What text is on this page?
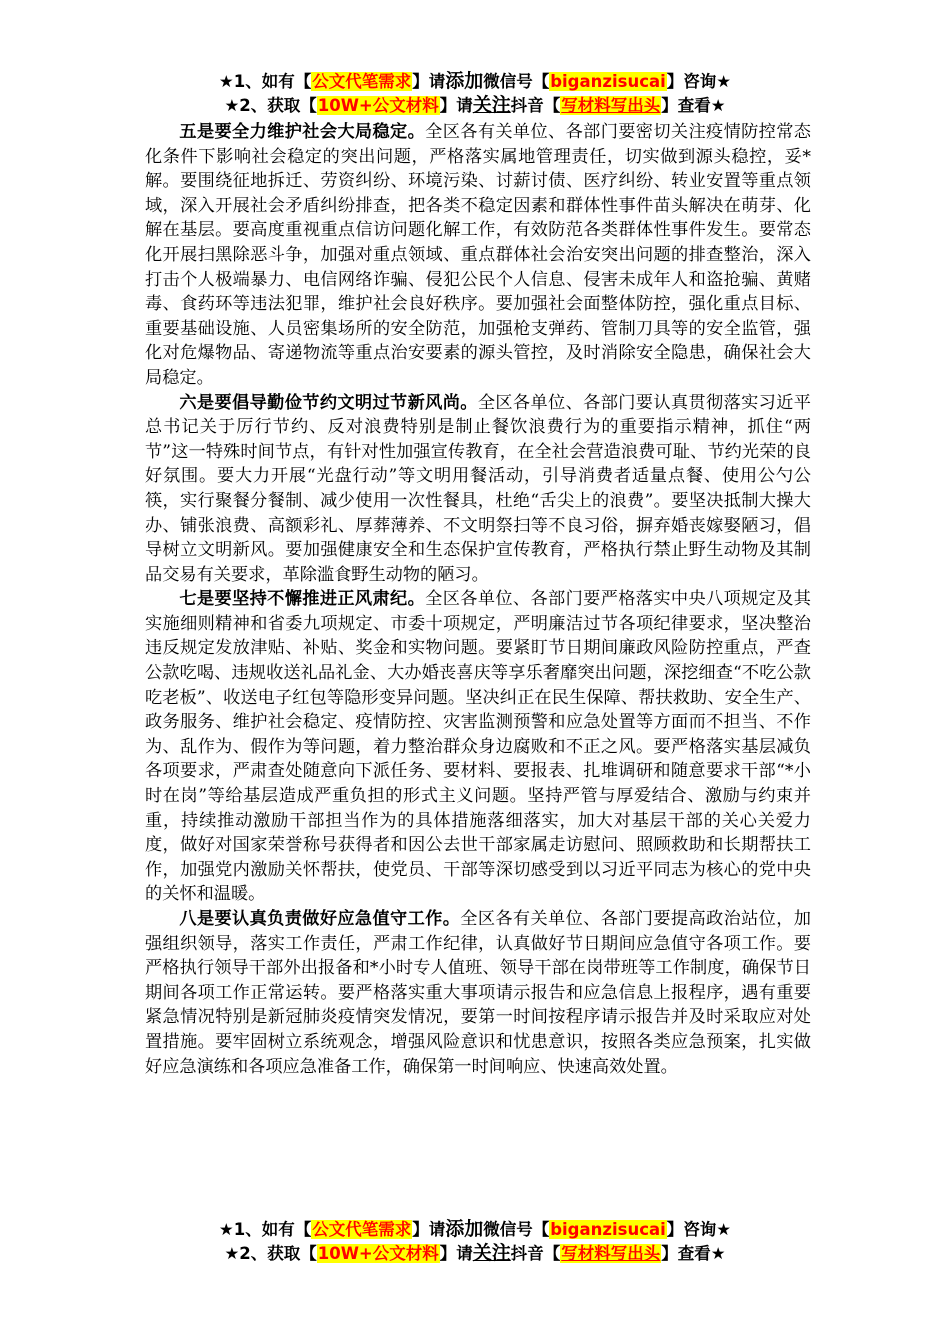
★1、如有【公文代笔需求】请添加微信号【biganzisucai】咨询★
★2、获取【10W+公文材料】请关注抖音【写材料写出头】查看★

五是要全力维护社会大局稳定。全区各有关单位、各部门要密切关注疫情防控常态化条件下影响社会稳定的突出问题，严格落实属地管理责任，切实做到源头稳控，妥*解。要围绕征地拆迁、劳资纠纷、环境污染、讨薪讨债、医疗纠纷、转业安置等重点领域，深入开展社会矛盾纠纷排查，把各类不稳定因素和群体性事件苗头解决在萌芽、化解在基层。要高度重视重点信访问题化解工作，有效防范各类群体性事件发生。要常态化开展扫黑除恶斗争，加强对重点领域、重点群体社会治安突出问题的排查整治，深入打击个人极端暴力、电信网络诈骗、侵犯公民个人信息、侵害未成年人和盗抢骗、黄赌毒、食药环等违法犯罪，维护社会良好秩序。要加强社会面整体防控，强化重点目标、重要基础设施、人员密集场所的安全防范，加强枪支弹药、管制刀具等的安全监管，强化对危爆物品、寄递物流等重点治安要素的源头管控，及时消除安全隐患，确保社会大局稳定。

六是要倡导勤俭节约文明过节新风尚。全区各单位、各部门要认真贯彻落实习近平总书记关于厉行节约、反对浪费特别是制止餐饮浪费行为的重要指示精神，抓住“两节”这一特殊时间节点，有针对性加强宣传教育，在全社会营造浪费可耻、节约光荣的良好氛围。要大力开展“光盘行动”等文明用餐活动，引导消费者适量点餐、使用公勺公筷，实行聚餐分餐制、减少使用一次性餐具，杜绝“舌尖上的浪费”。要坚决抵制大操大办、铺张浪费、高额彩礼、厚葬薄养、不文明祭扫等不良习俗，摒弃婚丧嫁娶陋习，倡导树立文明新风。要加强健康安全和生态保护宣传教育，严格执行禁止野生动物及其制品交易有关要求，革除滥食野生动物的陋习。

七是要坚持不懈推进正风肃纪。全区各单位、各部门要严格落实中央八项规定及其实施细则精神和省委九项规定、市委十项规定，严明廉洁过节各项纪律要求，坚决整治违反规定发放津贴、补贴、奖金和实物问题。要紧盯节日期间廉政风险防控重点，严查公款吃喝、违规收送礼品礼金、大办婚丧喜庆等享乐奢靡突出问题，深挖细查“不吃公款吃老板”、收送电子红包等隐形变异问题。坚决纠正在民生保障、帮扶救助、安全生产、政务服务、维护社会稳定、疫情防控、灾害监测预警和应急处置等方面而不担当、不作为、乱作为、假作为等问题，着力整治群众身边腐败和不正之风。要严格落实基层减负各项要求，严肃查处随意向下派任务、要材料、要报表、扎堆调研和随意要求干部“*小时在岗”等给基层造成严重负担的形式主义问题。坚持严管与厚爱结合、激励与约束并重，持续推动激励干部担当作为的具体措施落细落实，加大对基层干部的关心关爱力度，做好对国家荣誉称号获得者和因公去世干部家属走访慰问、照顾救助和长期帮扶工作，加强党内激励关怀帮扶，使党员、干部等深切感受到以习近平同志为核心的党中央的关怀和温暖。

八是要认真负责做好应急值守工作。全区各有关单位、各部门要提高政治站位，加强组织领导，落实工作责任，严肃工作纪律，认真做好节日期间应急值守各项工作。要严格执行领导干部外出报备和*小时专人值班、领导干部在岗带班等工作制度，确保节日期间各项工作正常运转。要严格落实重大事项请示报告和应急信息上报程序，遇有重要紧急情况特别是新冠肺炎疫情突发情况，要第一时间按程序请示报告并及时采取应对处置措施。要牢固树立系统观念，增强风险意识和忧患意识，按照各类应急预案，扎实做好应急演练和各项应急准备工作，确保第一时间响应、快速高效处置。

★1、如有【公文代笔需求】请添加微信号【biganzisucai】咨询★
★2、获取【10W+公文材料】请关注抖音【写材料写出头】查看★
